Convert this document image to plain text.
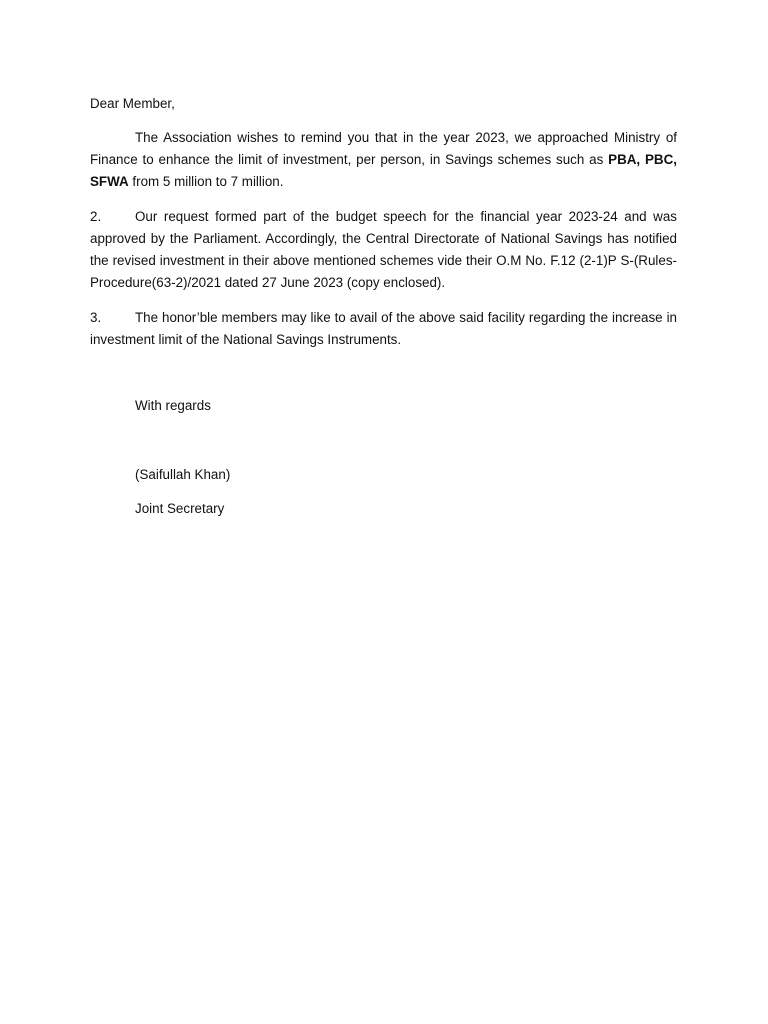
Dear Member,

The Association wishes to remind you that in the year 2023, we approached Ministry of Finance to enhance the limit of investment, per person, in Savings schemes such as PBA, PBC, SFWA from 5 million to 7 million.

2.	Our request formed part of the budget speech for the financial year 2023-24 and was approved by the Parliament. Accordingly, the Central Directorate of National Savings has notified the revised investment in their above mentioned schemes vide their O.M No. F.12 (2-1)P S-(Rules-Procedure(63-2)/2021 dated 27 June 2023 (copy enclosed).

3.	The honor’ble members may like to avail of the above said facility regarding the increase in investment limit of the National Savings Instruments.

With regards
(Saifullah Khan)
Joint Secretary
